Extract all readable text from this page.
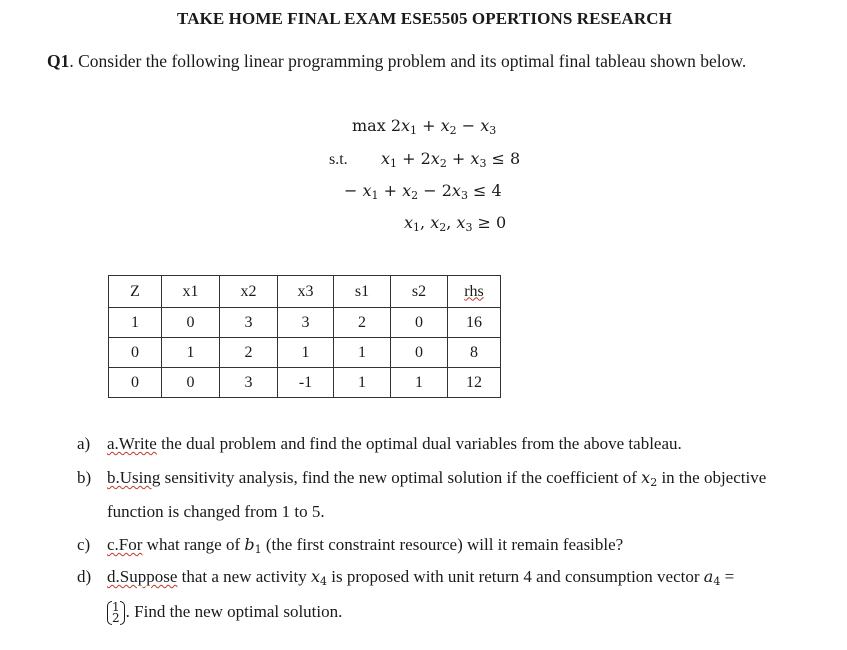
TAKE HOME FINAL EXAM ESE5505 OPERTIONS RESEARCH
Q1. Consider the following linear programming problem and its optimal final tableau shown below.
$\max 2x_1 + x_2 - x_3$
s.t. $x_1 + 2x_2 + x_3 \le 8$
− $x_1 + x_2 - 2x_3 \le 4$
$x_1$, $x_2$, $x_3 \ge 0$
Z	x1	x2	x3	s1	s2	rhs
1	0	3	3	2	0	16
0	1	2	1	1	0	8
0	0	3	-1	1	1	12
a) a.Write the dual problem and find the optimal dual variables from the above tableau.
b) b.Using sensitivity analysis, find the new optimal solution if the coefficient of $x_2$ in the objective
function is changed from 1 to 5.
c) c.For what range of $b_1$ (the first constraint resource) will it remain feasible?
d) d.Suppose that a new activity $x_4$ is proposed with unit return 4 and consumption vector $a_4$ =
1
2 . Find the new optimal solution.
